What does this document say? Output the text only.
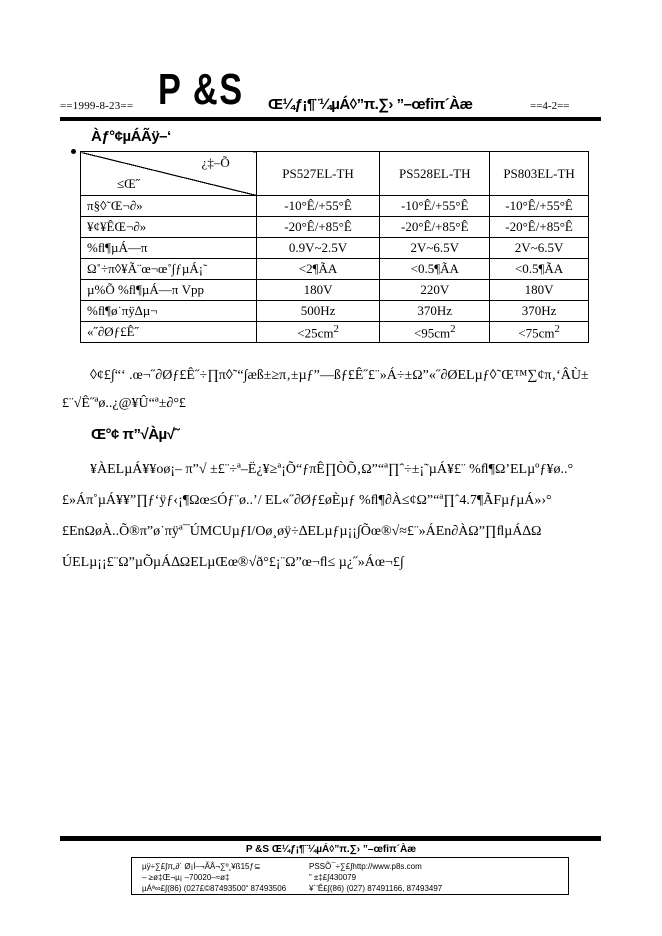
==1999-8-23== P &S Œ¼ƒ¡¶¨¼µÁ◊”π.∑› ”–œﬁπ´Àæ	==4-2==
Àƒ°¢µÁÃÿ–‘
¿‡–Õ
≤Œ˝	PS527EL-TH	PS528EL-TH	PS803EL-TH
π§◊˜Œ¬∂»	-10°Ê/+55°Ê	-10°Ê/+55°Ê	-10°Ê/+55°Ê
¥¢¥ÊŒ¬∂»	-20°Ê/+85°Ê	-20°Ê/+85°Ê	-20°Ê/+85°Ê
%ﬂ¶µÁ—π	0.9V~2.5V	2V~6.5V	2V~6.5V
Ω˚÷π◊¥Ã¨œ¬œ˚∫ƒµÁ¡˜	<2¶ÃA	<0.5¶ÃA	<0.5¶ÃA
µ%Õ %ﬂ¶µÁ—π Vpp	180V	220V	180V
%ﬂ¶ø˙πÿ∆µ¬	500Hz	370Hz	370Hz
«˝∂Øƒ£Ê˝	$<25cm^2$	$<95cm^2$	$<75cm^2$
◊¢£∫“‘ .œ¬˝∂Øƒ£Ê˝÷∏π◊˜“∫æß±≥π‚±µƒ”––ßƒ£Ê˝£¨»Á÷±Ω”«˝∂ØELµƒ◊˜Œ™∑¢π‚‘ÂÙ±£¨√Ê˝ªø..¿@¥Û“ª±∂°£
Œ°¢ π”√Àµ√˜
¥ÀELµÁ¥¥oø¡– π”√ ±£¨÷ª–Ë¿¥≥ª¡Õ“ƒπÊ∏ÒÕ‚Ω”“ª∏ˆ÷±¡˜µÁ¥£¨ %ﬂ¶Ω’ELµºƒ¥ø..°£»Áπ˚µÁ¥¥”∏ƒ‘ÿƒ‹¡¶Ωœ≤Óƒ¨ø..’/ EL«˝∂Øƒ£øÈµƒ %ﬂ¶∂À≤¢Ω”“ª∏ˆ4.7¶ÃFµƒµÁ»›°£EnΩøÀ..Õ®π”ø˙πÿª¯ÚMCUµƒI/Oø¸øÿ÷∆ELµƒµ¡¡∫Õœ®√≈£¨»ÁEn∂ÀΩ”∏ﬂµÁ∆Ω ÚELµ¡¡£¨Ω”µÕµÁ∆ΩELµŒœ®√ð°£¡¨Ω”œ¬ﬂ≤ µ¿˝»Áœ¬£∫
P &S Œ¼ƒ¡¶¨¼µÁ◊”π.∑› ”–œﬁπ´Àæ
µÿ÷∑£∫π„∂´ Ø¡Í–¬ÃÅ¬∑º¸¥ß15ƒ⊆
– ≥ø‡Œ¬µ¡ –70020–≈ø‡
µÁª∞£∫(86) (027£©87493500“ 87493506
PSSÕ¯÷∑£∫http://www.p8s.com
” ±‡£∫430079
¥´’Ê£∫(86) (027) 87491166, 87493497
